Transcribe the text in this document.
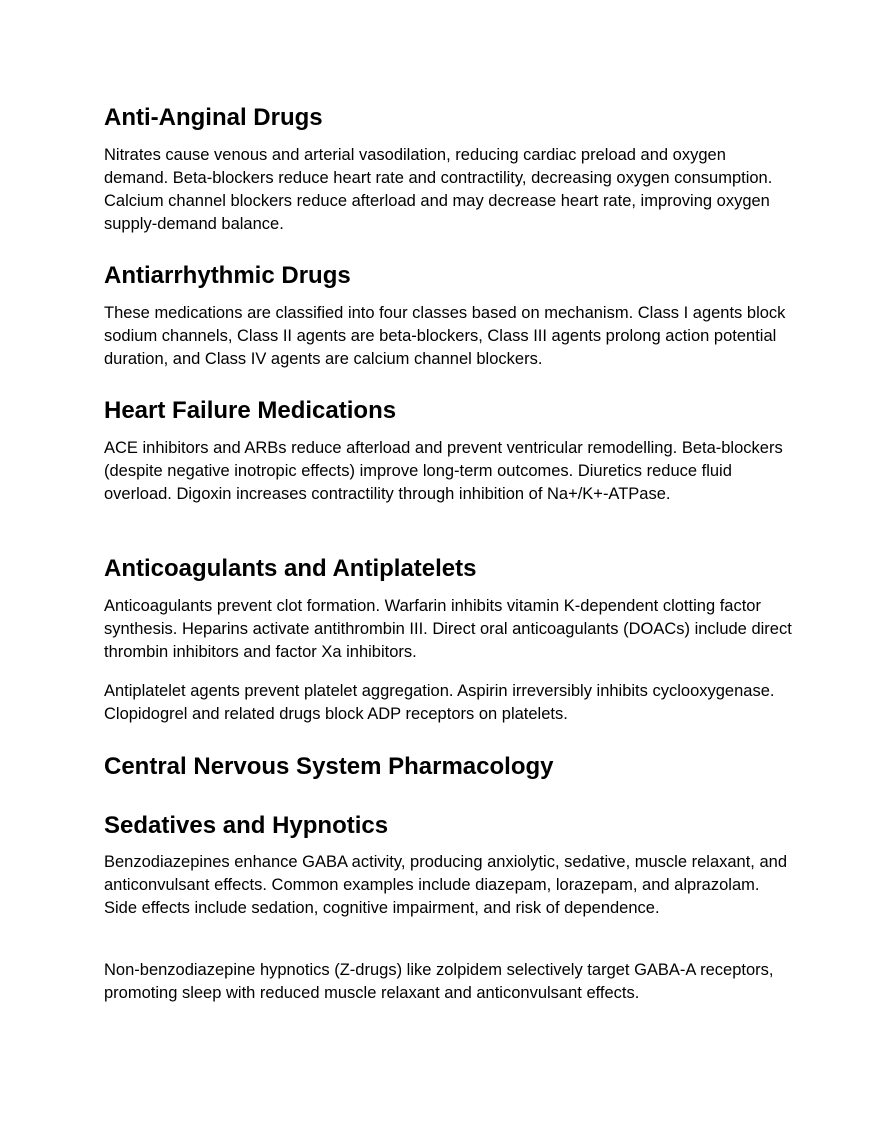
Anti-Anginal Drugs

Nitrates cause venous and arterial vasodilation, reducing cardiac preload and oxygen demand. Beta-blockers reduce heart rate and contractility, decreasing oxygen consumption. Calcium channel blockers reduce afterload and may decrease heart rate, improving oxygen supply-demand balance.

Antiarrhythmic Drugs

These medications are classified into four classes based on mechanism. Class I agents block sodium channels, Class II agents are beta-blockers, Class III agents prolong action potential duration, and Class IV agents are calcium channel blockers.

Heart Failure Medications

ACE inhibitors and ARBs reduce afterload and prevent ventricular remodelling. Beta-blockers (despite negative inotropic effects) improve long-term outcomes. Diuretics reduce fluid overload. Digoxin increases contractility through inhibition of Na+/K+-ATPase.

Anticoagulants and Antiplatelets

Anticoagulants prevent clot formation. Warfarin inhibits vitamin K-dependent clotting factor synthesis. Heparins activate antithrombin III. Direct oral anticoagulants (DOACs) include direct thrombin inhibitors and factor Xa inhibitors.

Antiplatelet agents prevent platelet aggregation. Aspirin irreversibly inhibits cyclooxygenase. Clopidogrel and related drugs block ADP receptors on platelets.

Central Nervous System Pharmacology
Sedatives and Hypnotics

Benzodiazepines enhance GABA activity, producing anxiolytic, sedative, muscle relaxant, and anticonvulsant effects. Common examples include diazepam, lorazepam, and alprazolam. Side effects include sedation, cognitive impairment, and risk of dependence.

Non-benzodiazepine hypnotics (Z-drugs) like zolpidem selectively target GABA-A receptors, promoting sleep with reduced muscle relaxant and anticonvulsant effects.
